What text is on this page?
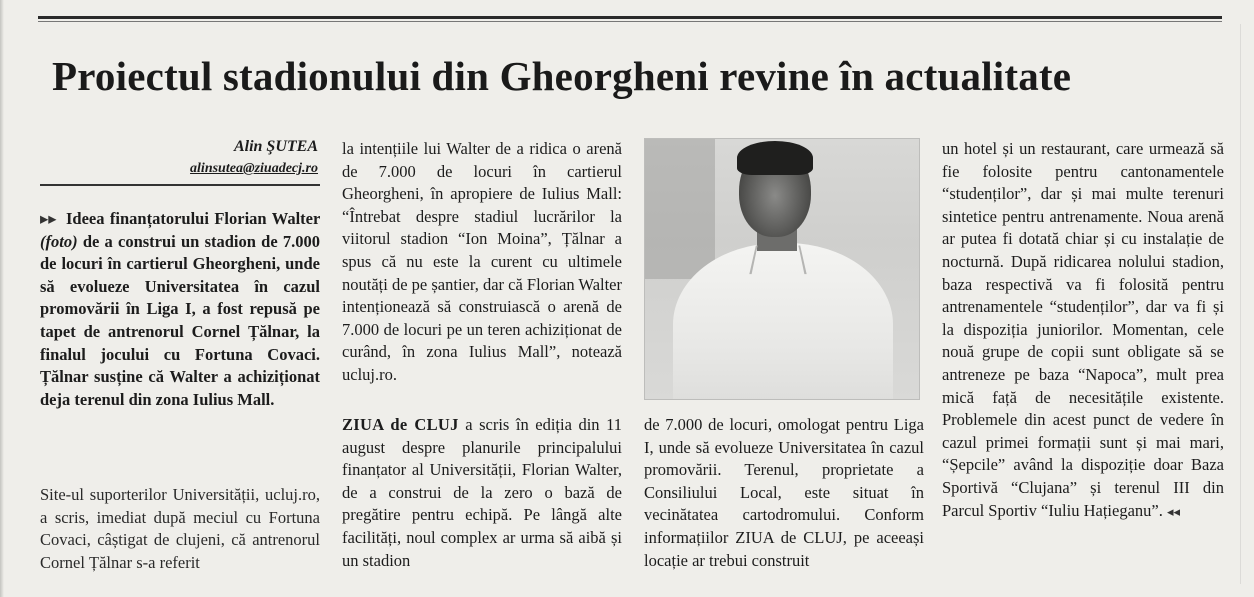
Proiectul stadionului din Gheorgheni revine în actualitate
Alin ŞUTEA
alinsutea@ziuadecj.ro

▸▸ Ideea finanțatorului Florian Walter (foto) de a construi un stadion de 7.000 de locuri în cartierul Gheorgheni, unde să evolueze Universitatea în cazul promovării în Liga I, a fost repusă pe tapet de antrenorul Cornel Țălnar, la finalul jocului cu Fortuna Covaci. Țălnar susține că Walter a achiziționat deja terenul din zona Iulius Mall.

Site-ul suporterilor Universității, ucluj.ro, a scris, imediat după meciul cu Fortuna Covaci, câștigat de clujeni, că antrenorul Cornel Țălnar s-a referit

la intențiile lui Walter de a ridica o arenă de 7.000 de locuri în cartierul Gheorgheni, în apropiere de Iulius Mall: “Întrebat despre stadiul lucrărilor la viitorul stadion “Ion Moina”, Țălnar a spus că nu este la curent cu ultimele noutăți de pe șantier, dar că Florian Walter intenționează să construiască o arenă de 7.000 de locuri pe un teren achiziționat de curând, în zona Iulius Mall”, notează ucluj.ro.

ZIUA de CLUJ a scris în ediția din 11 august despre planurile principalului finanțator al Universității, Florian Walter, de a construi de la zero o bază de pregătire pentru echipă. Pe lângă alte facilități, noul complex ar urma să aibă și un stadion

de 7.000 de locuri, omologat pentru Liga I, unde să evolueze Universitatea în cazul promovării. Terenul, proprietate a Consiliului Local, este situat în vecinătatea cartodromului. Conform informațiilor ZIUA de CLUJ, pe aceeași locație ar trebui construit

un hotel și un restaurant, care urmează să fie folosite pentru cantonamentele “studenților”, dar și mai multe terenuri sintetice pentru antrenamente. Noua arenă ar putea fi dotată chiar și cu instalație de nocturnă. După ridicarea nolului stadion, baza respectivă va fi folosită pentru antrenamentele “studenților”, dar va fi și la dispoziția juniorilor. Momentan, cele nouă grupe de copii sunt obligate să se antreneze pe baza “Napoca”, mult prea mică față de necesitățile existente. Problemele din acest punct de vedere în cazul primei formații sunt și mai mari, “Șepcile” având la dispoziție doar Baza Sportivă “Clujana” și terenul III din Parcul Sportiv “Iuliu Hațieganu”. ◂◂
